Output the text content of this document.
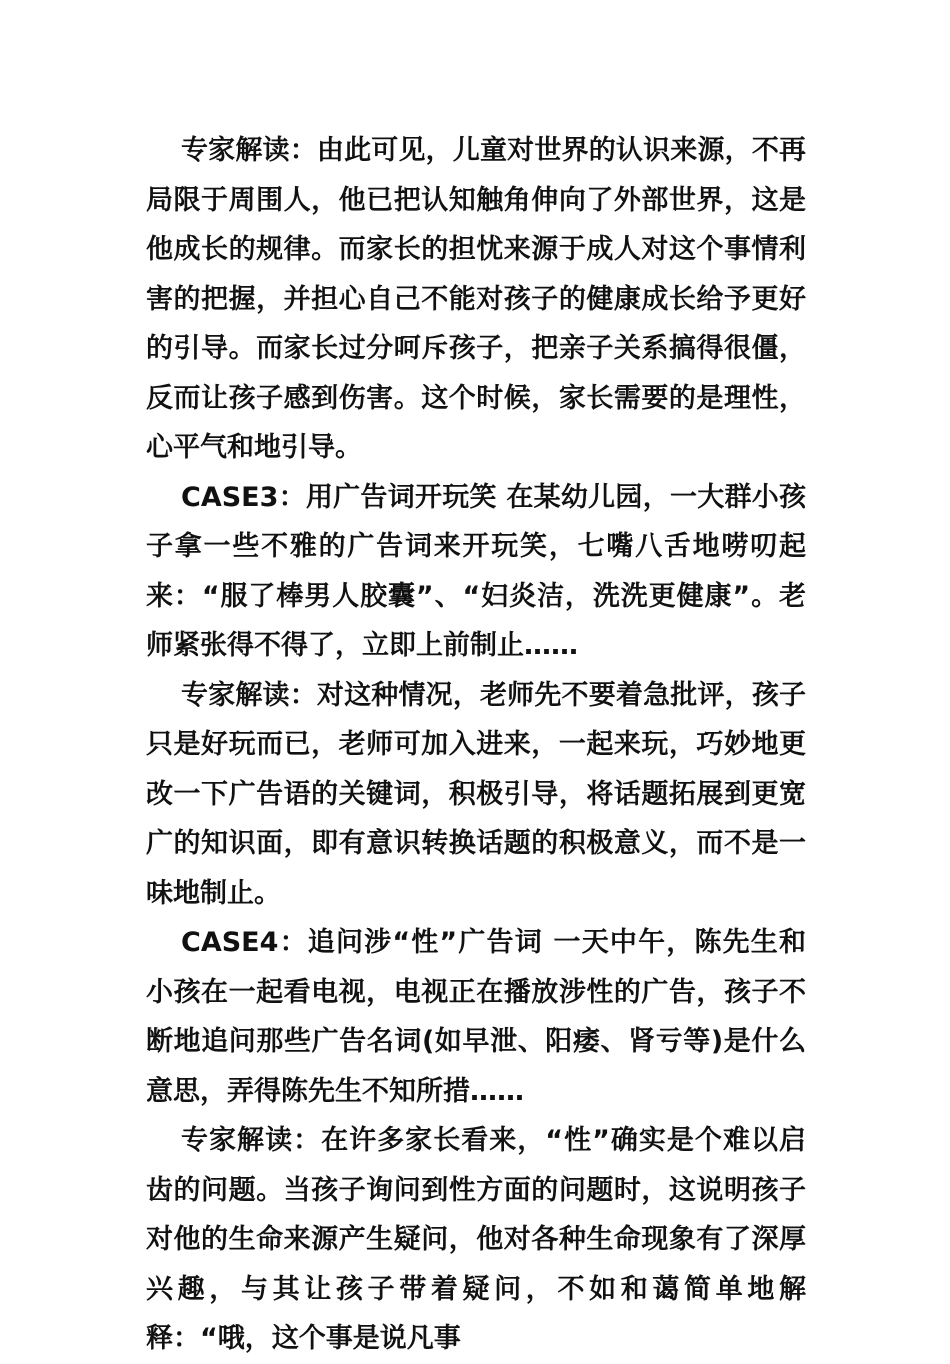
专家解读：由此可见，儿童对世界的认识来源，不再局限于周围人，他已把认知触角伸向了外部世界，这是他成长的规律。而家长的担忧来源于成人对这个事情利害的把握，并担心自己不能对孩子的健康成长给予更好的引导。而家长过分呵斥孩子，把亲子关系搞得很僵，反而让孩子感到伤害。这个时候，家长需要的是理性，心平气和地引导。

CASE3：用广告词开玩笑 在某幼儿园，一大群小孩子拿一些不雅的广告词来开玩笑，七嘴八舌地唠叨起来：“服了棒男人胶囊”、“妇炎洁，洗洗更健康”。老师紧张得不得了，立即上前制止……

专家解读：对这种情况，老师先不要着急批评，孩子只是好玩而已，老师可加入进来，一起来玩，巧妙地更改一下广告语的关键词，积极引导，将话题拓展到更宽广的知识面，即有意识转换话题的积极意义，而不是一味地制止。

CASE4：追问涉“性”广告词 一天中午，陈先生和小孩在一起看电视，电视正在播放涉性的广告，孩子不断地追问那些广告名词(如早泄、阳痿、肾亏等)是什么意思，弄得陈先生不知所措……

专家解读：在许多家长看来，“性”确实是个难以启齿的问题。当孩子询问到性方面的问题时，这说明孩子对他的生命来源产生疑问，他对各种生命现象有了深厚兴趣，与其让孩子带着疑问，不如和蔼简单地解释：“哦，这个事是说凡事
